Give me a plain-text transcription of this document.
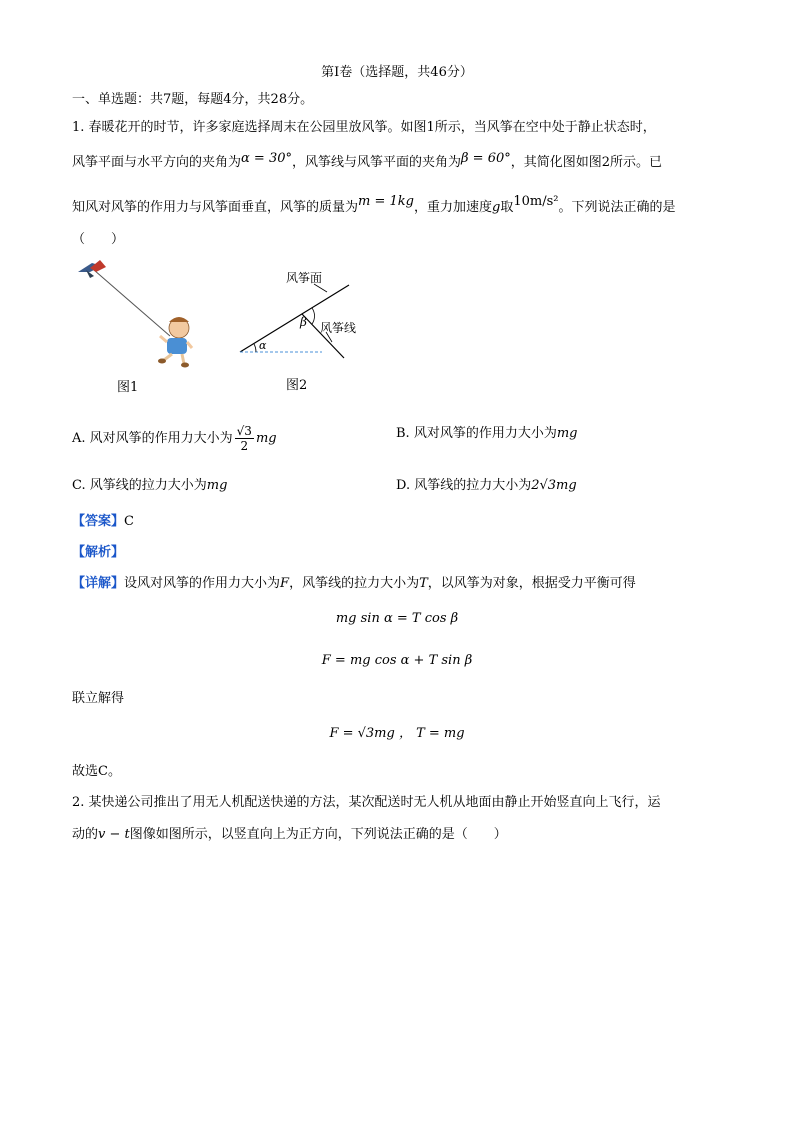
第Ⅰ卷（选择题，共46分）
一、单选题：共7题，每题4分，共28分。
1. 春暖花开的时节，许多家庭选择周末在公园里放风筝。如图1所示，当风筝在空中处于静止状态时，
风筝平面与水平方向的夹角为α = 30°，风筝线与风筝平面的夹角为β = 60°，其简化图如图2所示。已
知风对风筝的作用力与风筝面垂直，风筝的质量为m = 1kg，重力加速度g取10m/s²。下列说法正确的是
（　　）
图1
α
β
风筝面
风筝线
图2
A. 风对风筝的作用力大小为 $\frac{√3}{2}$ mg	B. 风对风筝的作用力大小为mg
C. 风筝线的拉力大小为mg	D. 风筝线的拉力大小为2√3mg
【答案】C
【解析】
【详解】设风对风筝的作用力大小为F，风筝线的拉力大小为T，以风筝为对象，根据受力平衡可得
mg sin α = T cos β
F = mg cos α + T sin β
联立解得
F = √3mg ， T = mg
故选C。
2. 某快递公司推出了用无人机配送快递的方法，某次配送时无人机从地面由静止开始竖直向上飞行，运
动的v − t图像如图所示，以竖直向上为正方向，下列说法正确的是（　　）
